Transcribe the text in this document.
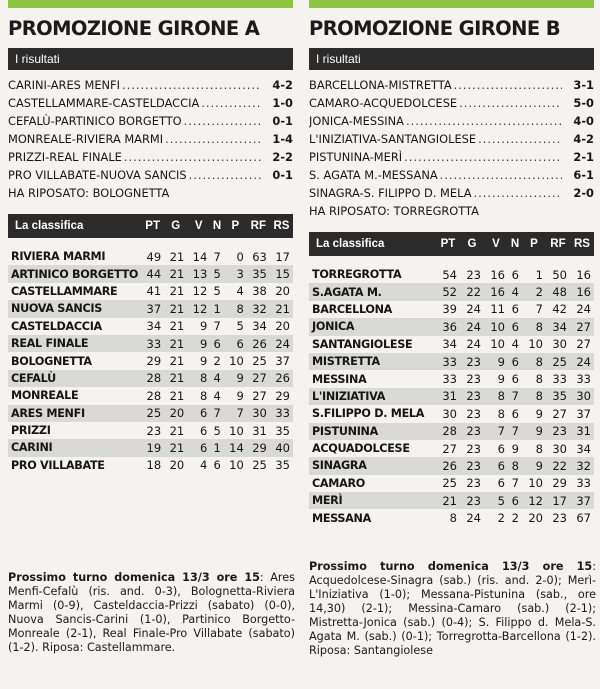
PROMOZIONE GIRONE A
I risultati
CARINI-ARES MENFI .....	4-2
CASTELLAMMARE-CASTELDACCIA .....	1-0
CEFALÙ-PARTINICO BORGETTO .....	0-1
MONREALE-RIVIERA MARMI .....	1-4
PRIZZI-REAL FINALE .....	2-2
PRO VILLABATE-NUOVA SANCIS .....	0-1
HA RIPOSATO: BOLOGNETTA
La classifica	PT	G	V	N	P	RF	RS

RIVIERA MARMI	49	21	14	7	0	63	17
ARTINICO BORGETTO	44	21	13	5	3	35	15
CASTELLAMMARE	41	21	12	5	4	38	20
NUOVA SANCIS	37	21	12	1	8	32	21
CASTELDACCIA	34	21	9	7	5	34	20
REAL FINALE	33	21	9	6	6	26	24
BOLOGNETTA	29	21	9	2	10	25	37
CEFALÙ	28	21	8	4	9	27	26
MONREALE	28	21	8	4	9	27	29
ARES MENFI	25	20	6	7	7	30	33
PRIZZI	23	21	6	5	10	31	35
CARINI	19	21	6	1	14	29	40
PRO VILLABATE	18	20	4	6	10	25	35
PROMOZIONE GIRONE B
I risultati
BARCELLONA-MISTRETTA .....	3-1
CAMARO-ACQUEDOLCESE .....	5-0
JONICA-MESSINA .....	4-0
L'INIZIATIVA-SANTANGIOLESE .....	4-2
PISTUNINA-MERÌ .....	2-1
S. AGATA M.-MESSANA .....	6-1
SINAGRA-S. FILIPPO D. MELA .....	2-0
HA RIPOSATO: TORREGROTTA
La classifica	PT	G	V	N	P	RF	RS

TORREGROTTA	54	23	16	6	1	50	16
S.AGATA M.	52	22	16	4	2	48	16
BARCELLONA	39	24	11	6	7	42	24
JONICA	36	24	10	6	8	34	27
SANTANGIOLESE	34	24	10	4	10	30	27
MISTRETTA	33	23	9	6	8	25	24
MESSINA	33	23	9	6	8	33	33
L'INIZIATIVA	31	23	8	7	8	35	30
S.FILIPPO D. MELA	30	23	8	6	9	27	37
PISTUNINA	28	23	7	7	9	23	31
ACQUADOLCESE	27	23	6	9	8	30	34
SINAGRA	26	23	6	8	9	22	32
CAMARO	25	23	6	7	10	29	33
MERÌ	21	23	5	6	12	17	37
MESSANA	8	24	2	2	20	23	67
Prossimo turno domenica 13/3 ore 15: Ares Menfi-Cefalù (ris. and. 0-3), Bolognetta-Riviera Marmi (0-9), Casteldaccia-Prizzi (sabato) (0-0), Nuova Sancis-Carini (1-0), Partinico Borgetto-Monreale (2-1), Real Finale-Pro Villabate (sabato) (1-2). Riposa: Castellammare.
Prossimo turno domenica 13/3 ore 15: Acquedolcese-Sinagra (sab.) (ris. and. 2-0); Merì-L'Iniziativa (1-0); Messana-Pistunina (sab., ore 14,30) (2-1); Messina-Camaro (sab.) (2-1); Mistretta-Jonica (sab.) (0-4); S. Filippo d. Mela-S. Agata M. (sab.) (0-1); Torregrotta-Barcellona (1-2). Riposa: Santangiolese
